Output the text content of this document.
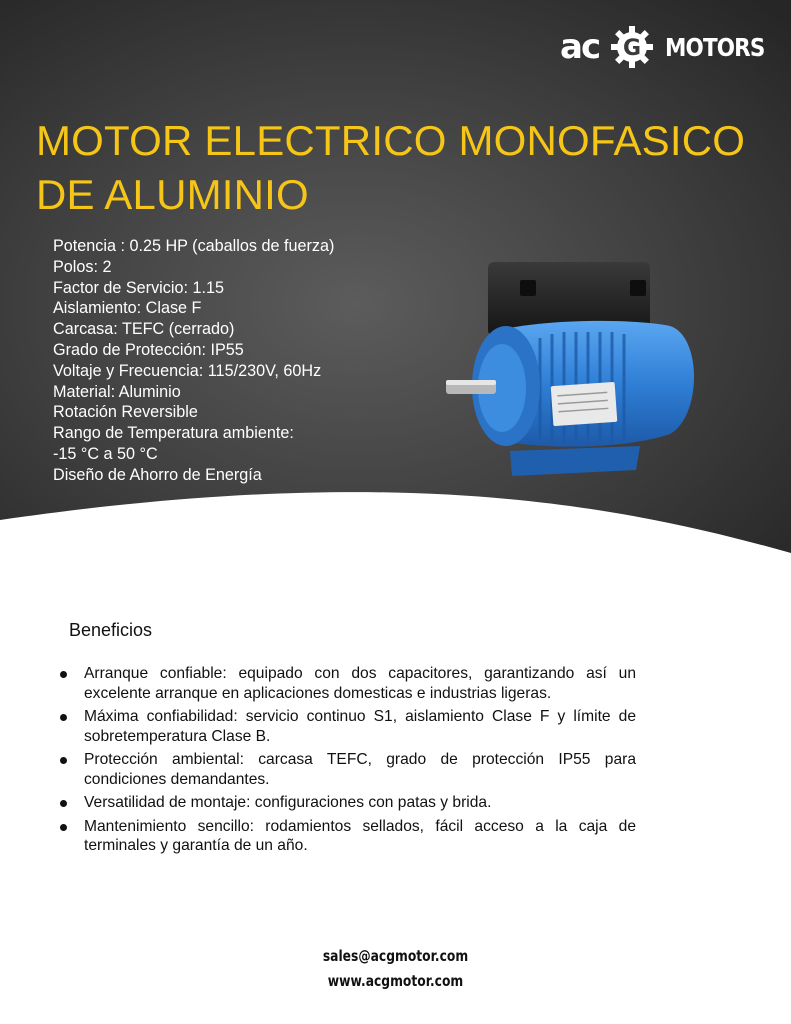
ac G MOTORS
MOTOR ELECTRICO MONOFASICO
DE ALUMINIO
Potencia : 0.25 HP (caballos de fuerza)
Polos: 2
Factor de Servicio: 1.15
Aislamiento: Clase F
Carcasa: TEFC (cerrado)
Grado de Protección: IP55
Voltaje y Frecuencia: 115/230V, 60Hz
Material: Aluminio
Rotación Reversible
Rango de Temperatura ambiente:
-15 °C a 50 °C
Diseño de Ahorro de Energía
Beneficios
Arranque confiable: equipado con dos capacitores, garantizando así un excelente arranque en aplicaciones domesticas e industrias ligeras.
Máxima confiabilidad: servicio continuo S1, aislamiento Clase F y límite de sobretemperatura Clase B.
Protección ambiental: carcasa TEFC, grado de protección IP55 para condiciones demandantes.
Versatilidad de montaje: configuraciones con patas y brida.
Mantenimiento sencillo: rodamientos sellados, fácil acceso a la caja de terminales y garantía de un año.
sales@acgmotor.com
www.acgmotor.com
